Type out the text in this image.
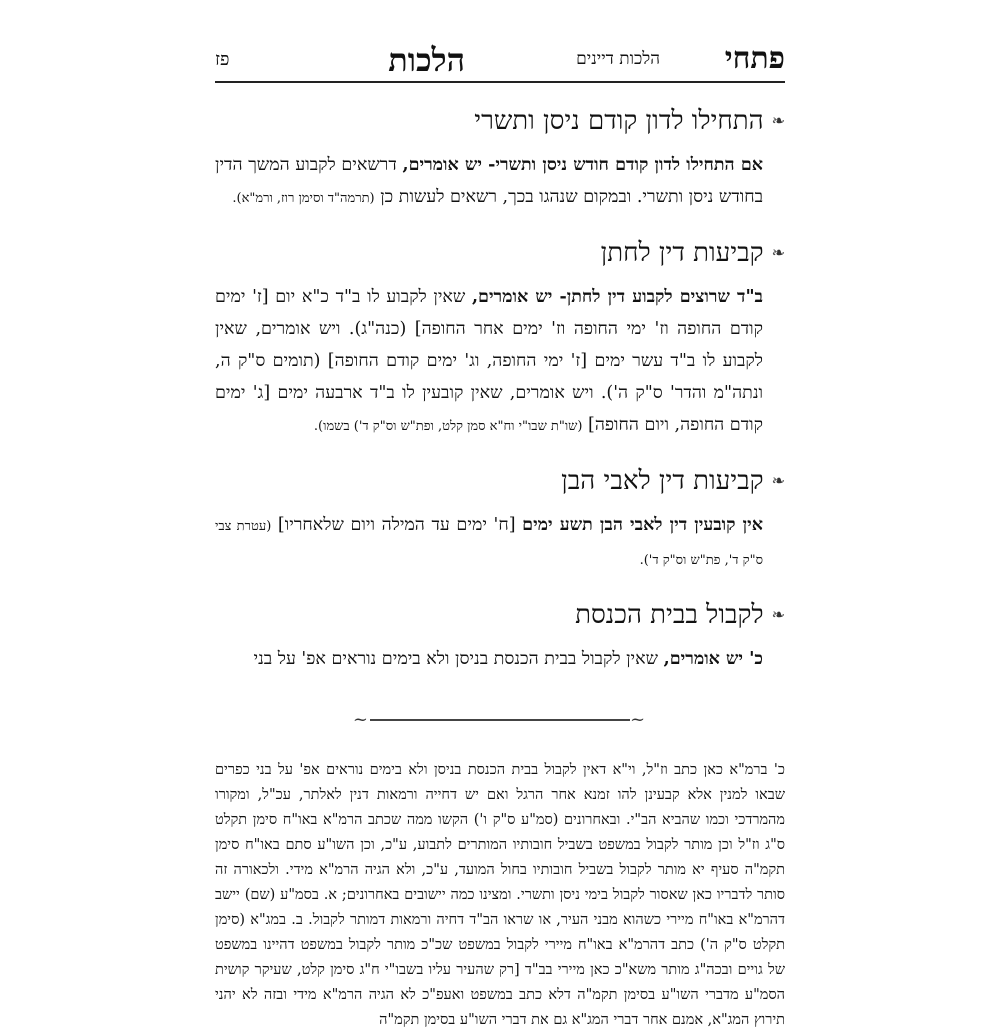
פתחי
הלכות דיינים
הלכות
פז
❧
התחילו לדון קודם ניסן ותשרי

אם התחילו לדון קודם חודש ניסן ותשרי- יש אומרים, דרשאים לקבוע המשך הדין בחודש ניסן ותשרי. ובמקום שנהגו בכך, רשאים לעשות כן (תרמה"ד וסימן רוז, ורמ"א).

❧
קביעות דין לחתן

ב"ד שרוצים לקבוע דין לחתן- יש אומרים, שאין לקבוע לו ב"ד כ"א יום [ז' ימים קודם החופה וז' ימי החופה וז' ימים אחר החופה] (כנה"ג). ויש אומרים, שאין לקבוע לו ב"ד עשר ימים [ז' ימי החופה, וג' ימים קודם החופה] (תומים ס"ק ה, ונתה"מ והדר' ס"ק ה'). ויש אומרים, שאין קובעין לו ב"ד ארבעה ימים [ג' ימים קודם החופה, ויום החופה] (שו"ת שבו"י וח"א סמן קלט, ופת"ש וס"ק ד') בשמו).

❧
קביעות דין לאבי הבן

אין קובעין דין לאבי הבן תשע ימים [ח' ימים עד המילה ויום שלאחריו] (עטרת צבי ס"ק ד', פת"ש וס"ק ד').

❧
לקבול בבית הכנסת

כ' יש אומרים, שאין לקבול בבית הכנסת בניסן ולא בימים נוראים אפ' על בני

~~

כ' ברמ"א כאן כתב וז"ל, וי"א דאין לקבול בבית הכנסת בניסן ולא בימים נוראים אפ' על בני כפרים שבאו למנין אלא קבעינן להו זמנא אחר הרגל ואם יש דחייה ורמאות דנין לאלתר, עכ"ל, ומקורו מהמרדכי וכמו שהביא הב"י. ובאחרונים (סמ"ע ס"ק ו') הקשו ממה שכתב הרמ"א באו"ח סימן תקלט ס"ג וז"ל וכן מותר לקבול במשפט בשביל חובותיו המותרים לתבוע, ע"כ, וכן השו"ע סתם באו"ח סימן תקמ"ה סעיף יא מותר לקבול בשביל חובותיו בחול המועד, ע"כ, ולא הגיה הרמ"א מידי. ולכאורה זה סותר לדבריו כאן שאסור לקבול בימי ניסן ותשרי. ומצינו כמה יישובים באחרונים; א. בסמ"ע (שם) יישב דהרמ"א באו"ח מיירי כשהוא מבני העיר, או שראו הב"ד דחיה ורמאות דמותר לקבול. ב. במג"א (סימן תקלט ס"ק ה') כתב דהרמ"א באו"ח מיירי לקבול במשפט שכ"כ מותר לקבול במשפט דהיינו במשפט של גויים ובכה"ג מותר משא"כ כאן מיירי בב"ד [רק שהעיר עליו בשבו"י ח"ג סימן קלט, שעיקר קושית הסמ"ע מדברי השו"ע בסימן תקמ"ה דלא כתב במשפט ואעפ"כ לא הגיה הרמ"א מידי ובזה לא יהני תירוץ המג"א, אמנם אחר דברי המג"א גם את דברי השו"ע בסימן תקמ"ה
